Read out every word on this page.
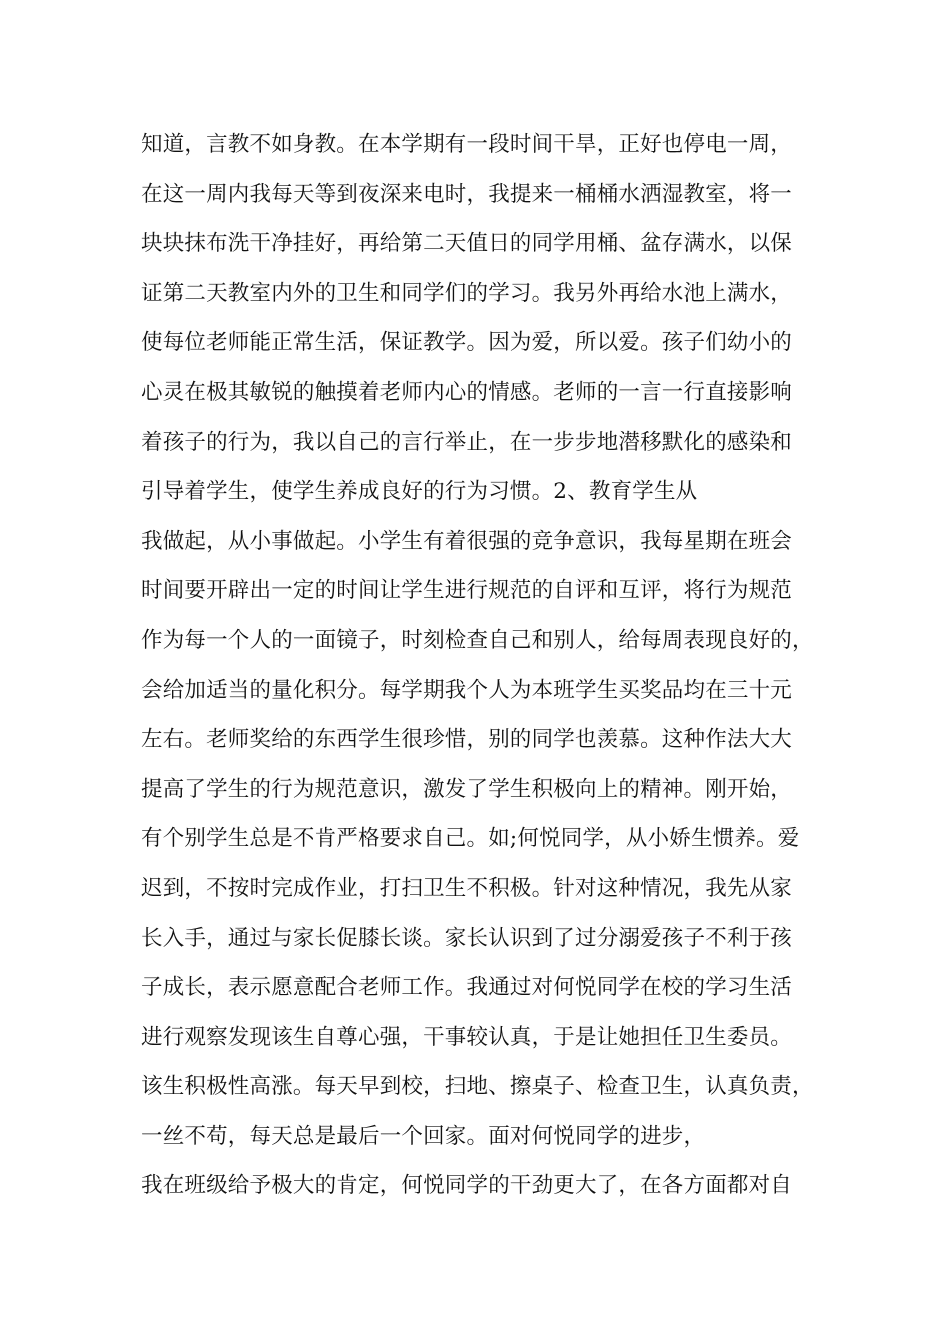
知道，言教不如身教。在本学期有一段时间干旱，正好也停电一周，
在这一周内我每天等到夜深来电时，我提来一桶桶水洒湿教室，将一
块块抹布洗干净挂好，再给第二天值日的同学用桶、盆存满水，以保
证第二天教室内外的卫生和同学们的学习。我另外再给水池上满水，
使每位老师能正常生活，保证教学。因为爱，所以爱。孩子们幼小的
心灵在极其敏锐的触摸着老师内心的情感。老师的一言一行直接影响
着孩子的行为，我以自己的言行举止，在一步步地潜移默化的感染和
引导着学生，使学生养成良好的行为习惯。2、教育学生从
我做起，从小事做起。小学生有着很强的竞争意识，我每星期在班会
时间要开辟出一定的时间让学生进行规范的自评和互评，将行为规范
作为每一个人的一面镜子，时刻检查自己和别人，给每周表现良好的，
会给加适当的量化积分。每学期我个人为本班学生买奖品均在三十元
左右。老师奖给的东西学生很珍惜，别的同学也羡慕。这种作法大大
提高了学生的行为规范意识，激发了学生积极向上的精神。刚开始，
有个别学生总是不肯严格要求自己。如;何悦同学，从小娇生惯养。爱
迟到，不按时完成作业，打扫卫生不积极。针对这种情况，我先从家
长入手，通过与家长促膝长谈。家长认识到了过分溺爱孩子不利于孩
子成长，表示愿意配合老师工作。我通过对何悦同学在校的学习生活
进行观察发现该生自尊心强，干事较认真，于是让她担任卫生委员。
该生积极性高涨。每天早到校，扫地、擦桌子、检查卫生，认真负责，
一丝不苟，每天总是最后一个回家。面对何悦同学的进步，
我在班级给予极大的肯定，何悦同学的干劲更大了，在各方面都对自
